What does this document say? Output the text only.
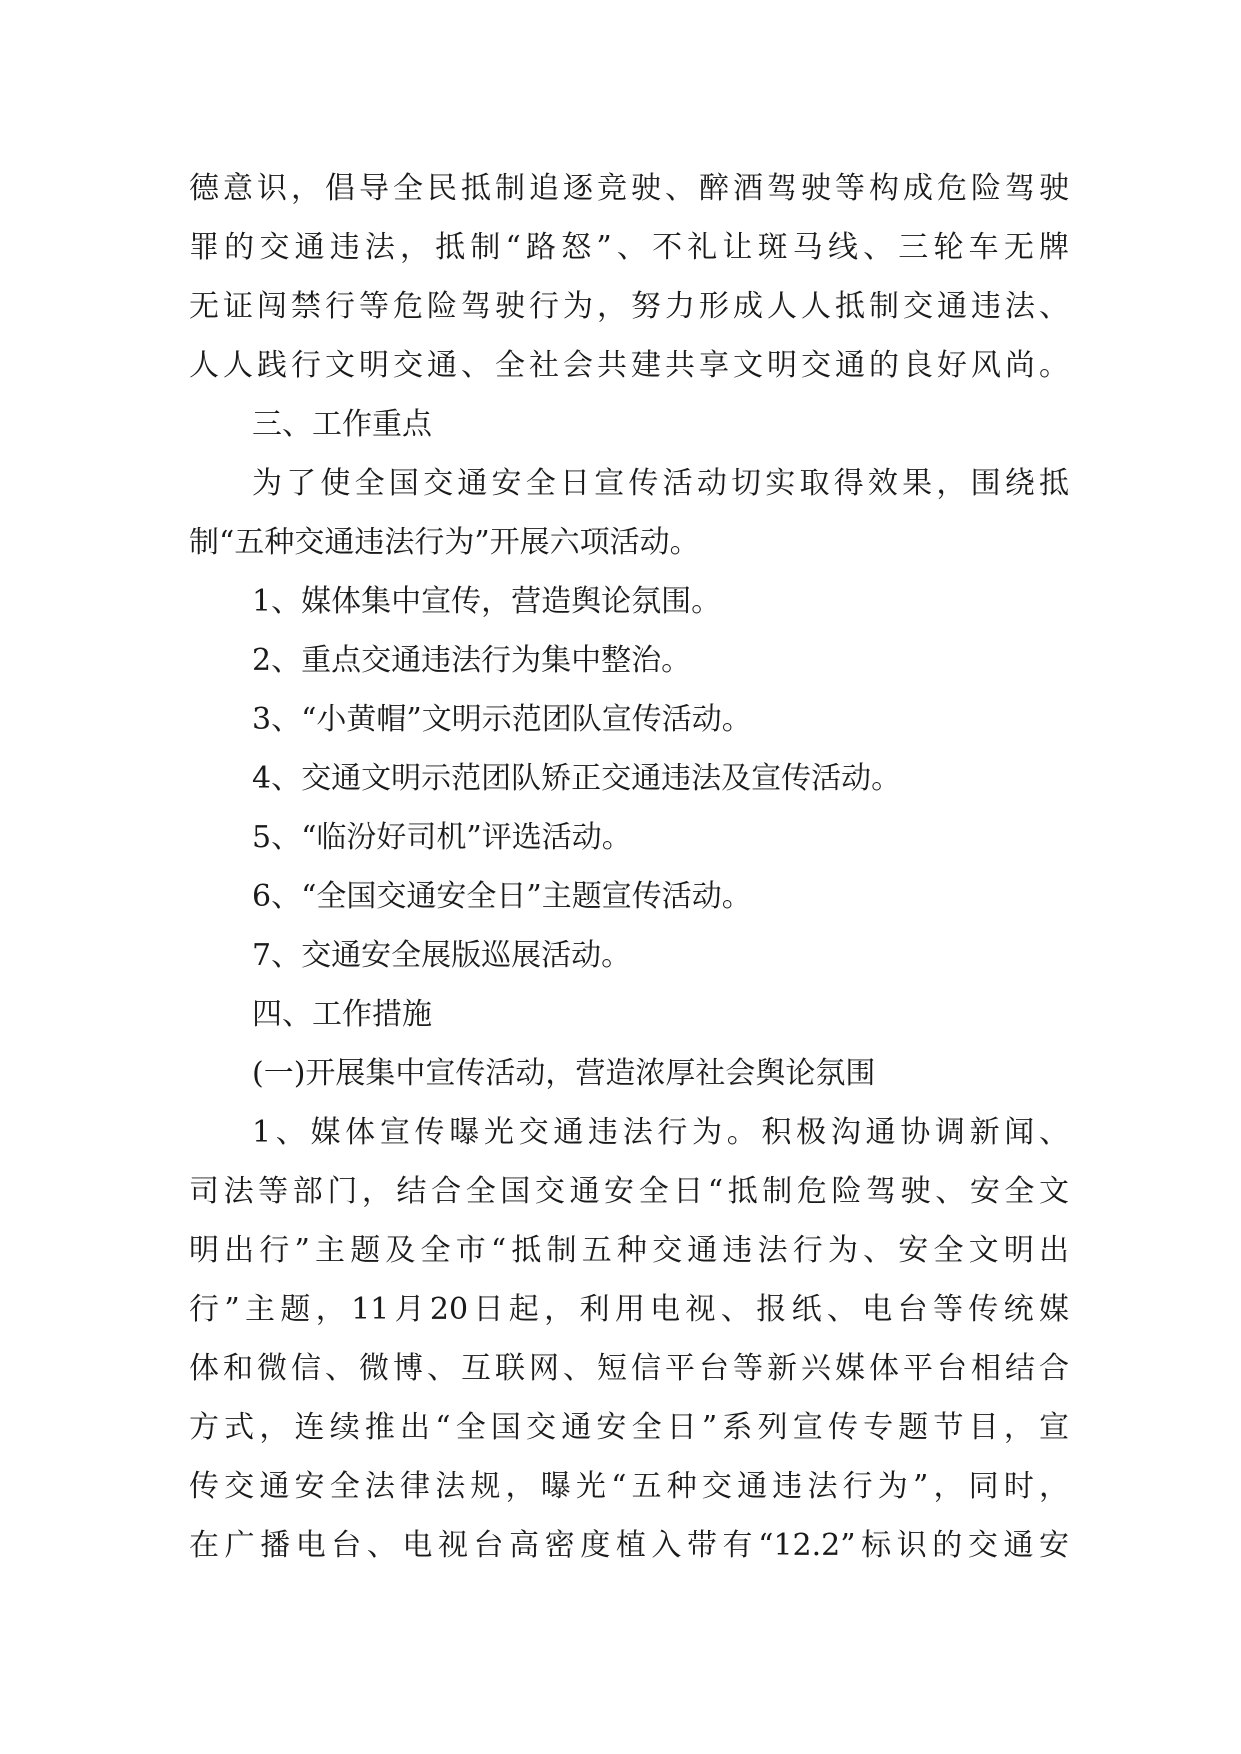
德意识，倡导全民抵制追逐竞驶、醉酒驾驶等构成危险驾驶
罪的交通违法，抵制“路怒”、不礼让斑马线、三轮车无牌
无证闯禁行等危险驾驶行为，努力形成人人抵制交通违法、
人人践行文明交通、全社会共建共享文明交通的良好风尚。
三、工作重点
为了使全国交通安全日宣传活动切实取得效果，围绕抵
制“五种交通违法行为”开展六项活动。
1、媒体集中宣传，营造舆论氛围。
2、重点交通违法行为集中整治。
3、“小黄帽”文明示范团队宣传活动。
4、交通文明示范团队矫正交通违法及宣传活动。
5、“临汾好司机”评选活动。
6、“全国交通安全日”主题宣传活动。
7、交通安全展版巡展活动。
四、工作措施
(一)开展集中宣传活动，营造浓厚社会舆论氛围
1、媒体宣传曝光交通违法行为。积极沟通协调新闻、
司法等部门，结合全国交通安全日“抵制危险驾驶、安全文
明出行”主题及全市“抵制五种交通违法行为、安全文明出
行”主题，11月20日起，利用电视、报纸、电台等传统媒
体和微信、微博、互联网、短信平台等新兴媒体平台相结合
方式，连续推出“全国交通安全日”系列宣传专题节目，宣
传交通安全法律法规，曝光“五种交通违法行为”，同时，
在广播电台、电视台高密度植入带有“12.2”标识的交通安
